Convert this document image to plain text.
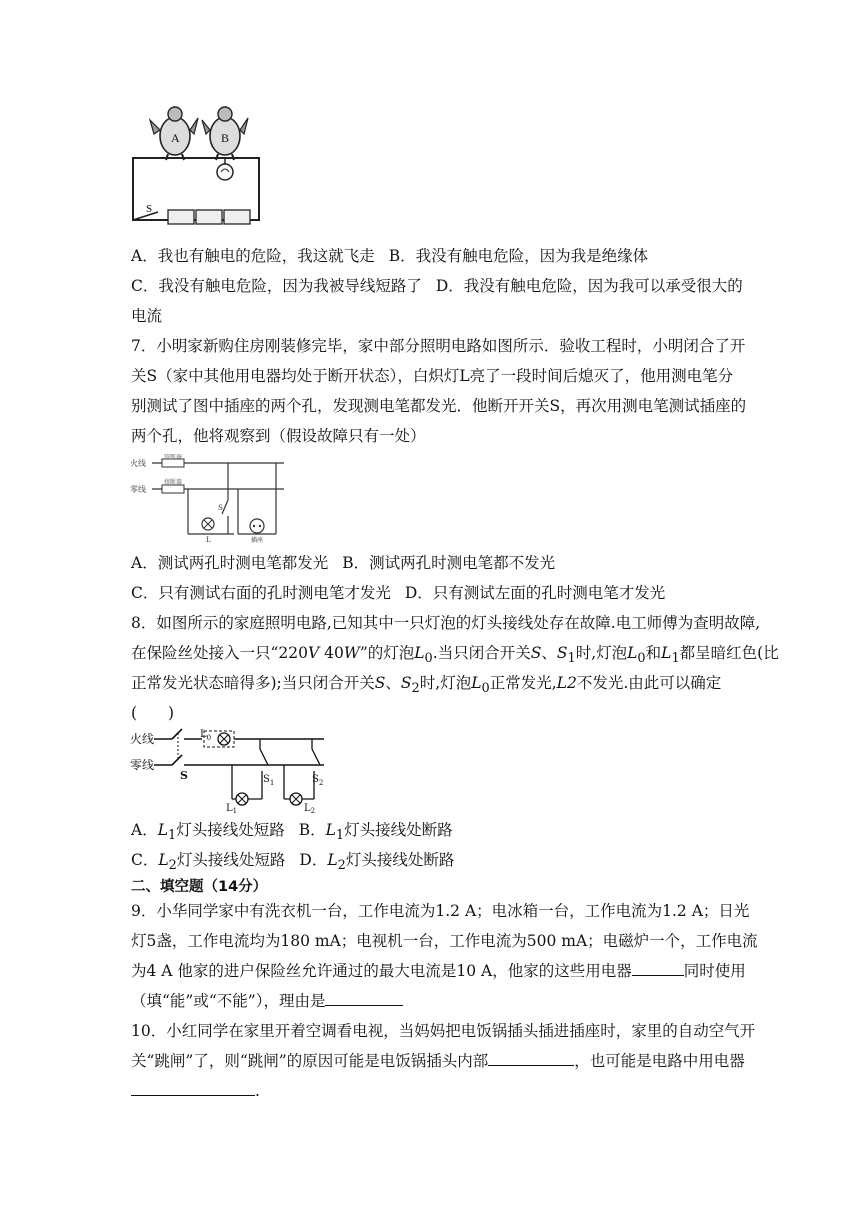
A	B
S
A．我也有触电的危险，我这就飞走 B．我没有触电危险，因为我是绝缘体
C．我没有触电危险，因为我被导线短路了 D．我没有触电危险，因为我可以承受很大的
电流
7．小明家新购住房刚装修完毕，家中部分照明电路如图所示．验收工程时，小明闭合了开
关S（家中其他用电器均处于断开状态），白炽灯L亮了一段时间后熄灭了，他用测电笔分
别测试了图中插座的两个孔，发现测电笔都发光．他断开开关S，再次用测电笔测试插座的
两个孔，他将观察到（假设故障只有一处）
火线
零线
熔断器
熔断器
L
S
插座
A．测试两孔时测电笔都发光 B．测试两孔时测电笔都不发光
C．只有测试右面的孔时测电笔才发光 D．只有测试左面的孔时测电笔才发光
8．如图所示的家庭照明电路,已知其中一只灯泡的灯头接线处存在故障.电工师傅为查明故障,
在保险丝处接入一只“220V 40W”的灯泡$L_0$.当只闭合开关S、$S_1$时,灯泡$L_0$和$L_1$都呈暗红色(比
正常发光状态暗得多);当只闭合开关S、$S_2$时,灯泡$L_0$正常发光,L2不发光.由此可以确定
(　　)
火线
零线
S
$L_0$
$S_1$
$L_1$
$S_2$
$L_2$
A．$L_1$灯头接线处短路 B．$L_1$灯头接线处断路
C．$L_2$灯头接线处短路 D．$L_2$灯头接线处断路
二、填空题（14分）
9．小华同学家中有洗衣机一台，工作电流为1.2 A；电冰箱一台，工作电流为1.2 A；日光
灯5盏，工作电流均为180 mA；电视机一台，工作电流为500 mA；电磁炉一个，工作电流
为4 A 他家的进户保险丝允许通过的最大电流是10 A，他家的这些用电器	同时使用
（填“能”或“不能”），理由是
10．小红同学在家里开着空调看电视，当妈妈把电饭锅插头插进插座时，家里的自动空气开
关“跳闸”了，则“跳闸”的原因可能是电饭锅插头内部	，也可能是电路中用电器
.
